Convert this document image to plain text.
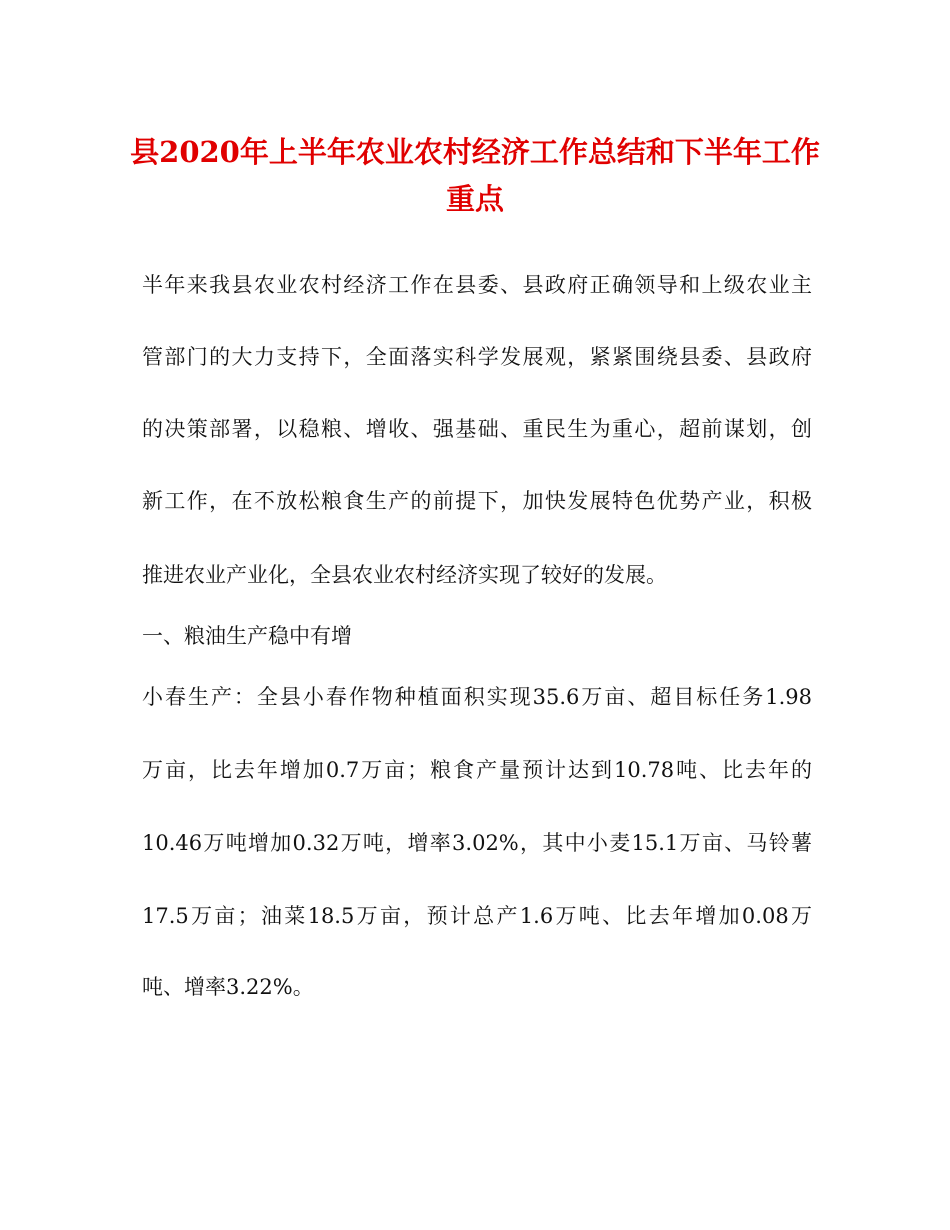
县2020年上半年农业农村经济工作总结和下半年工作
重点

半年来我县农业农村经济工作在县委、县政府正确领导和上级农业主

管部门的大力支持下，全面落实科学发展观，紧紧围绕县委、县政府

的决策部署，以稳粮、增收、强基础、重民生为重心，超前谋划，创

新工作，在不放松粮食生产的前提下，加快发展特色优势产业，积极

推进农业产业化，全县农业农村经济实现了较好的发展。

一、粮油生产稳中有增

小春生产：全县小春作物种植面积实现35.6万亩、超目标任务1.98

万亩，比去年增加0.7万亩；粮食产量预计达到10.78吨、比去年的

10.46万吨增加0.32万吨，增率3.02%，其中小麦15.1万亩、马铃薯

17.5万亩；油菜18.5万亩，预计总产1.6万吨、比去年增加0.08万

吨、增率3.22%。
